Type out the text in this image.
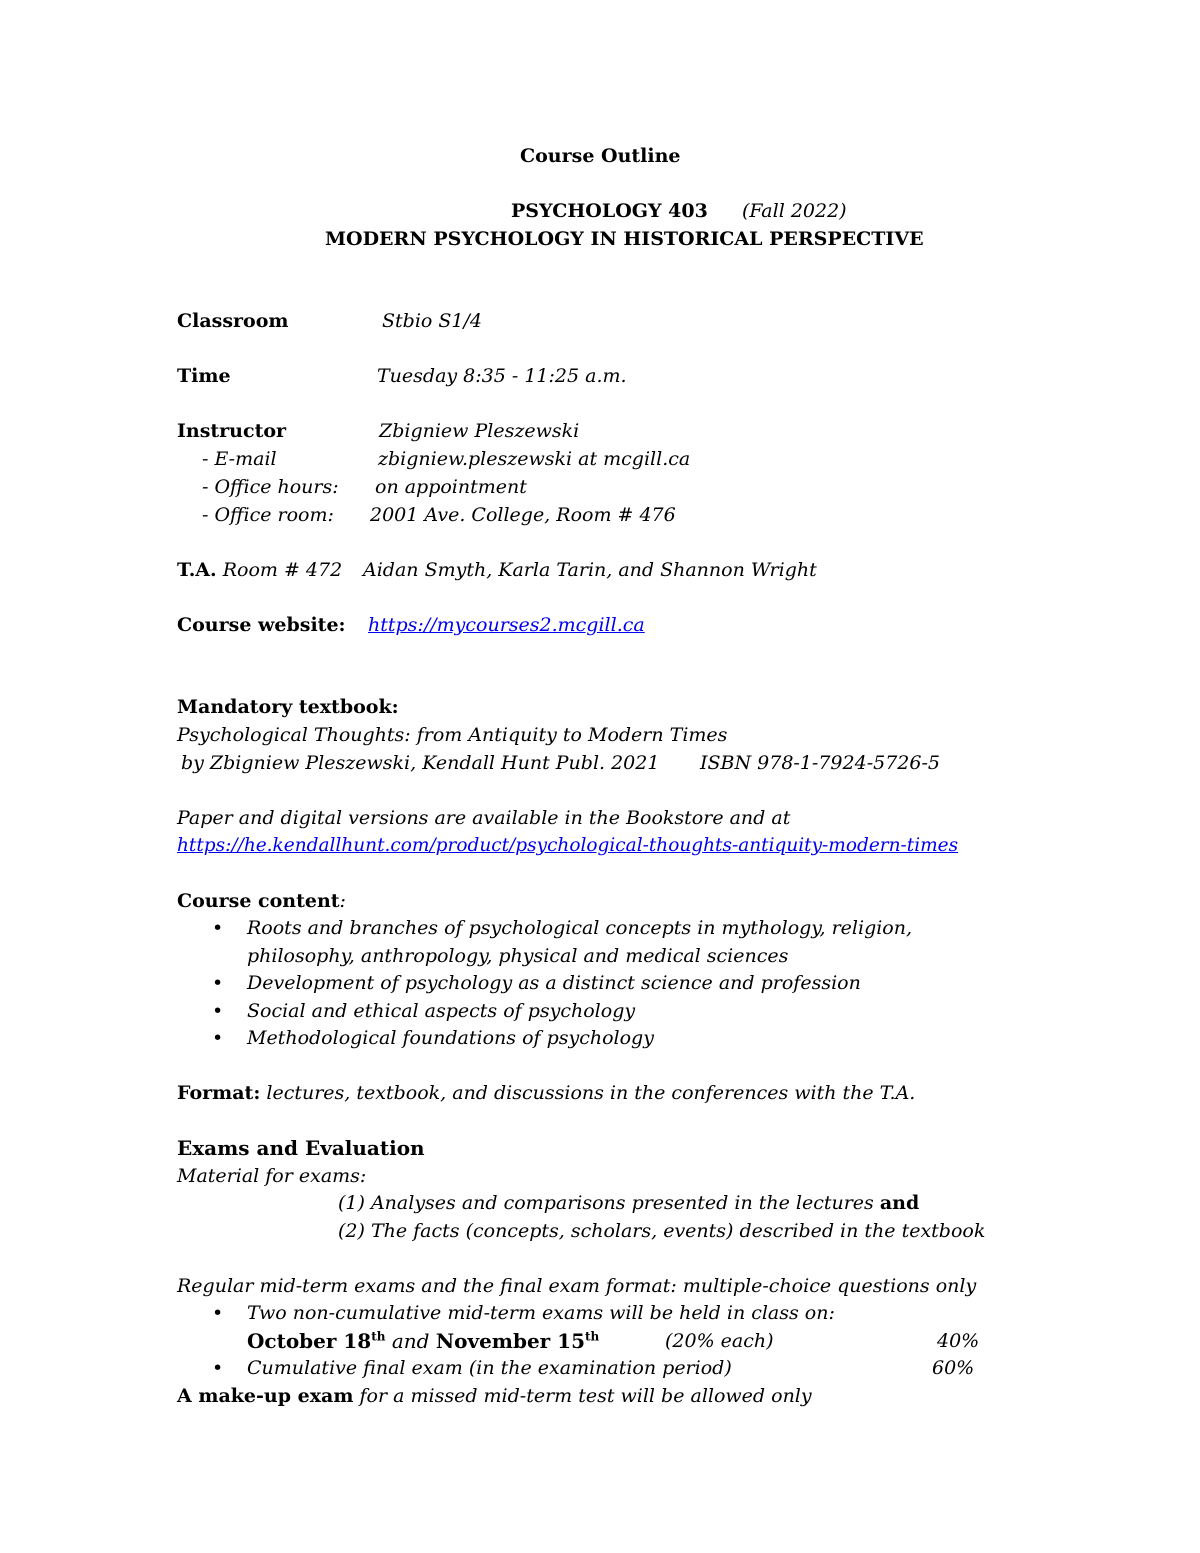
Course Outline
PSYCHOLOGY 403 (Fall 2022)
MODERN PSYCHOLOGY IN HISTORICAL PERSPECTIVE
Classroom	Stbio S1/4
Time	Tuesday 8:35 - 11:25 a.m.
Instructor	Zbigniew Pleszewski
- E-mail	zbigniew.pleszewski at mcgill.ca
- Office hours: on appointment
- Office room: 2001 Ave. College, Room # 476
T.A. Room # 472 Aidan Smyth, Karla Tarin, and Shannon Wright
Course website: https://mycourses2.mcgill.ca
Mandatory textbook:
Psychological Thoughts: from Antiquity to Modern Times
by Zbigniew Pleszewski, Kendall Hunt Publ. 2021 ISBN 978-1-7924-5726-5
Paper and digital versions are available in the Bookstore and at
https://he.kendallhunt.com/product/psychological-thoughts-antiquity-modern-times
Course content:
• Roots and branches of psychological concepts in mythology, religion,
philosophy, anthropology, physical and medical sciences
• Development of psychology as a distinct science and profession
• Social and ethical aspects of psychology
• Methodological foundations of psychology
Format: lectures, textbook, and discussions in the conferences with the T.A.
Exams and Evaluation
Material for exams:
(1) Analyses and comparisons presented in the lectures and
(2) The facts (concepts, scholars, events) described in the textbook
Regular mid-term exams and the final exam format: multiple-choice questions only
• Two non-cumulative mid-term exams will be held in class on:
October 18th and November 15th	(20% each)	40%
• Cumulative final exam (in the examination period)	60%
A make-up exam for a missed mid-term test will be allowed only
